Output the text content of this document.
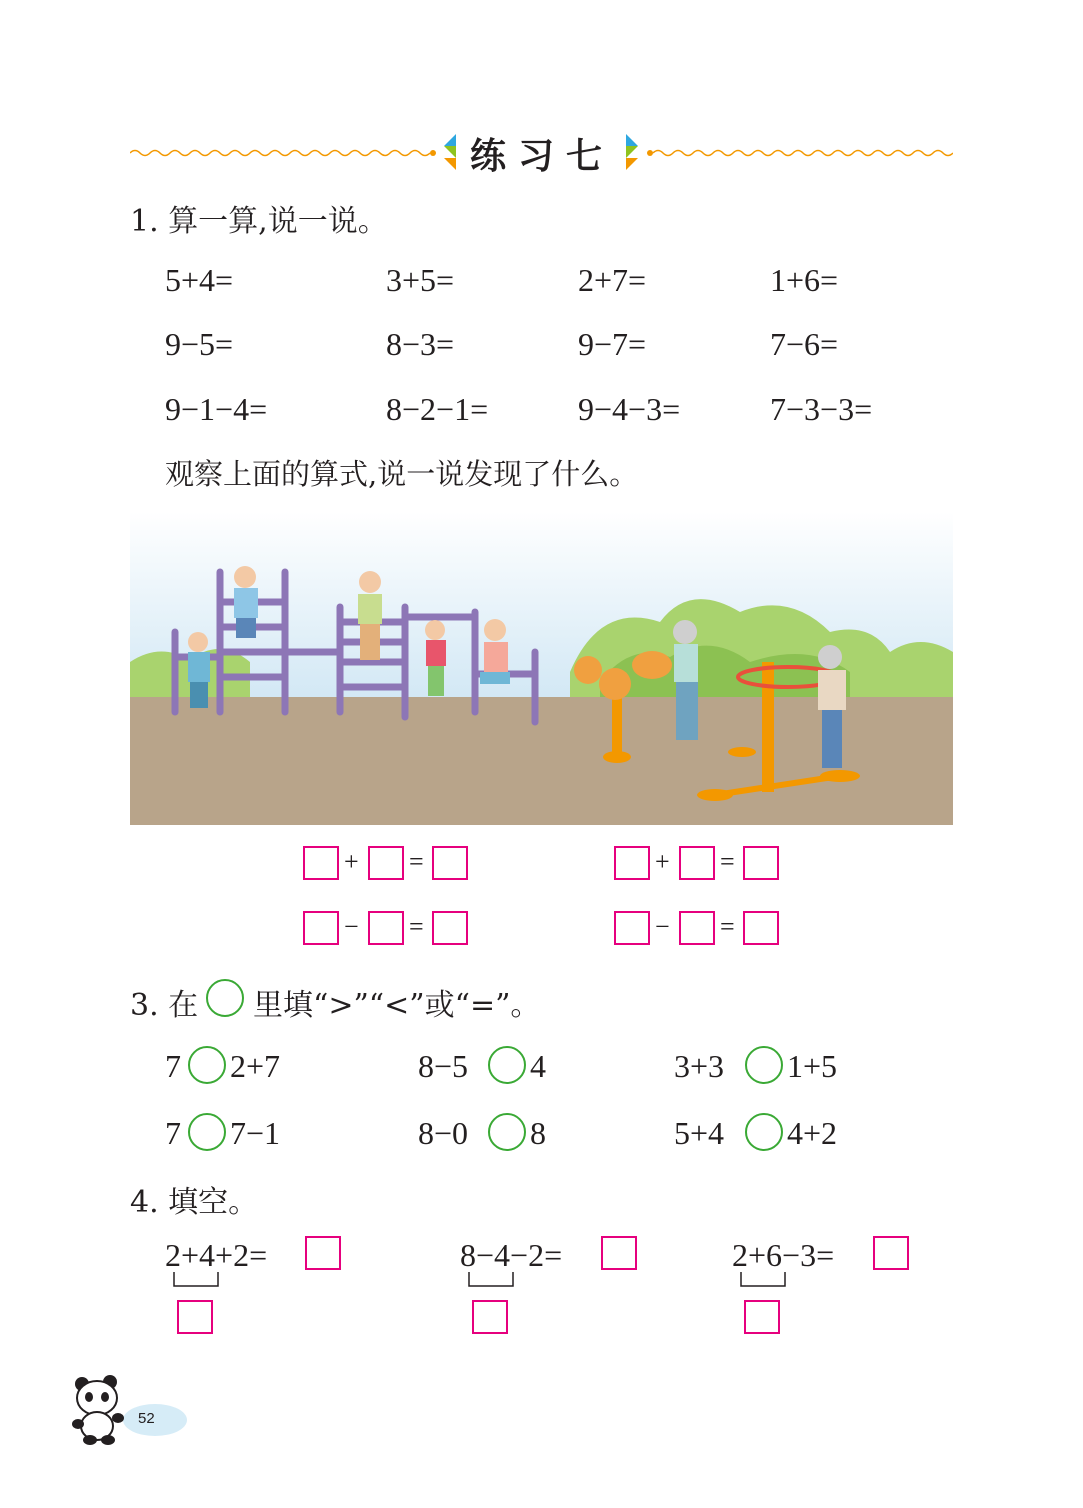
练习七
1. 算一算,说一说。
5+4=	3+5=	2+7=	1+6=
9−5=	8−3=	9−7=	7−6=
9−1−4=	8−2−1=	9−4−3=	7−3−3=
观察上面的算式,说一说发现了什么。
+ =	+ =
− =	− =
3. 在 里填“>”“<”或“=”。
7 2+7	8−5 4	3+3 1+5
7 7−1	8−0 8	5+4 4+2
4. 填空。
2+4+2=	8−4−2=	2+6−3=
52
